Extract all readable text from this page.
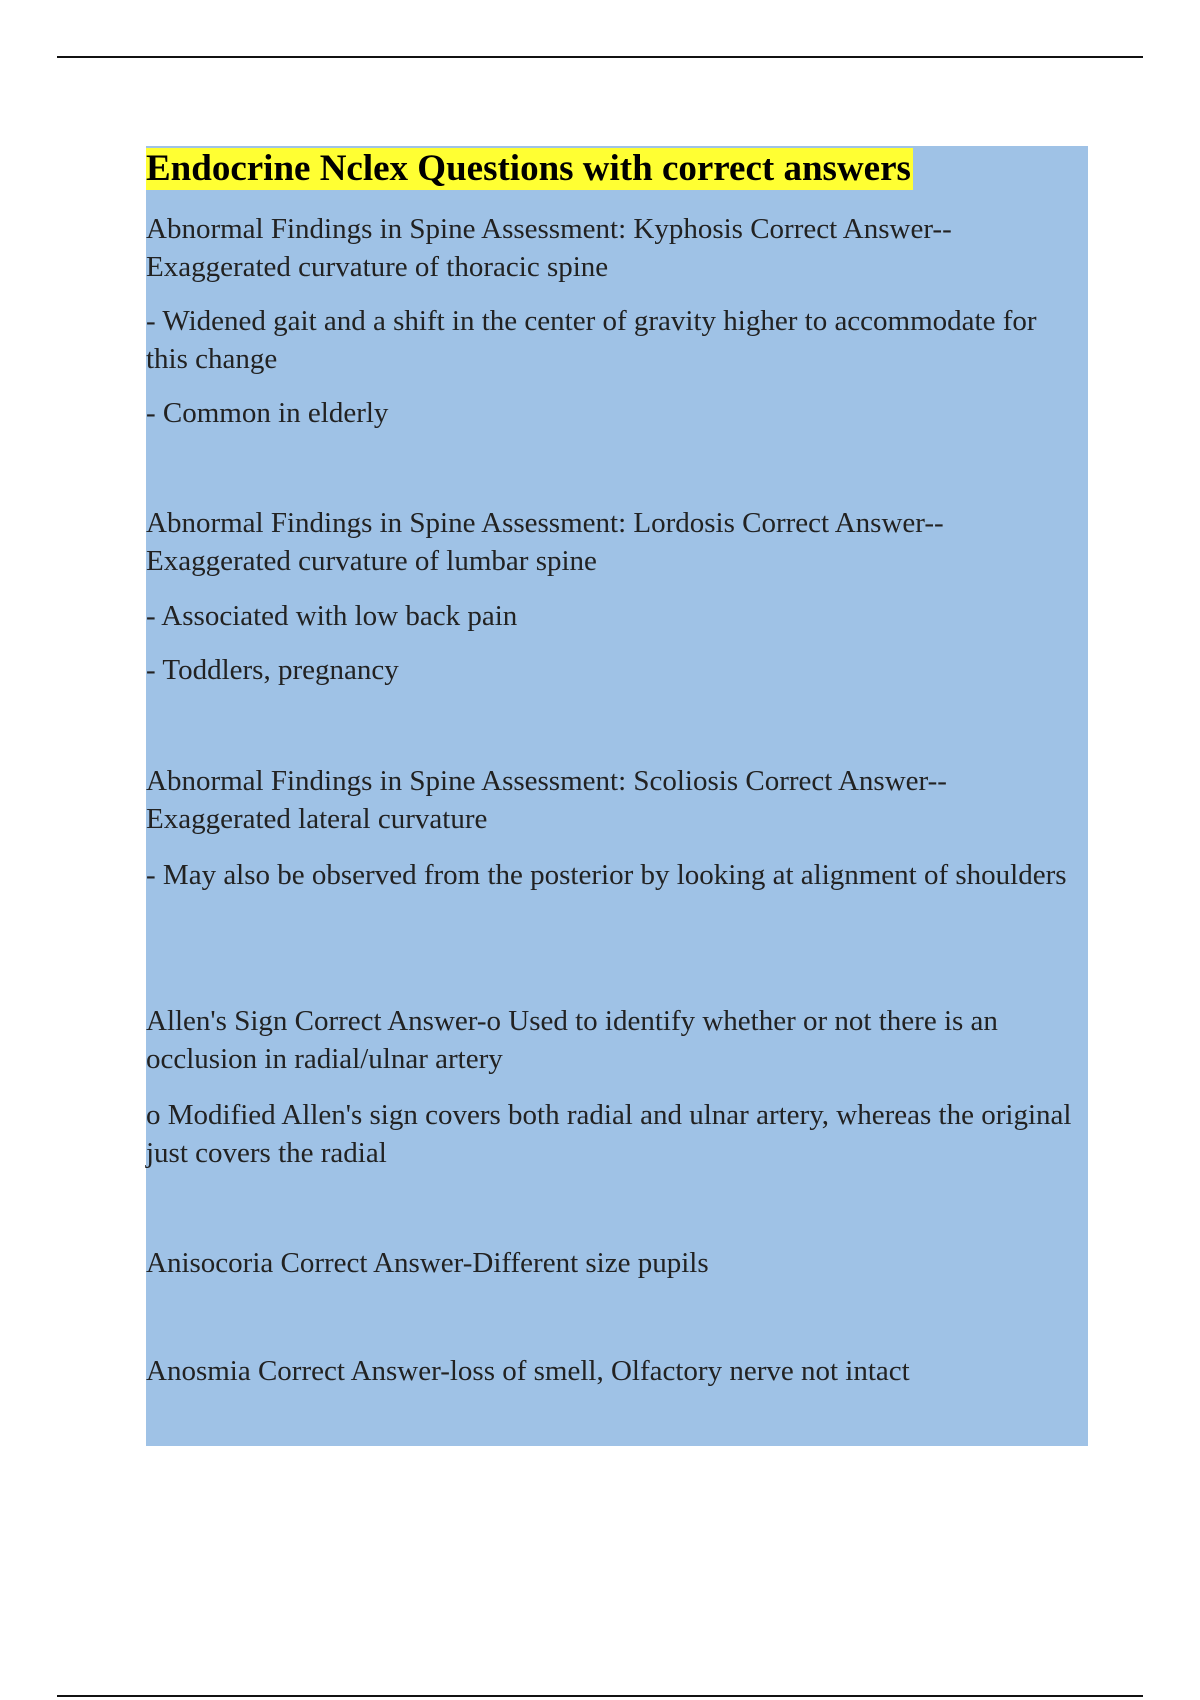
Endocrine Nclex Questions with correct answers

Abnormal Findings in Spine Assessment: Kyphosis Correct Answer--Exaggerated curvature of thoracic spine

- Widened gait and a shift in the center of gravity higher to accommodate for this change

- Common in elderly

Abnormal Findings in Spine Assessment: Lordosis Correct Answer--Exaggerated curvature of lumbar spine

- Associated with low back pain

- Toddlers, pregnancy

Abnormal Findings in Spine Assessment: Scoliosis Correct Answer--Exaggerated lateral curvature

- May also be observed from the posterior by looking at alignment of shoulders

Allen's Sign Correct Answer-o Used to identify whether or not there is an occlusion in radial/ulnar artery

o Modified Allen's sign covers both radial and ulnar artery, whereas the original just covers the radial

Anisocoria Correct Answer-Different size pupils

Anosmia Correct Answer-loss of smell, Olfactory nerve not intact
